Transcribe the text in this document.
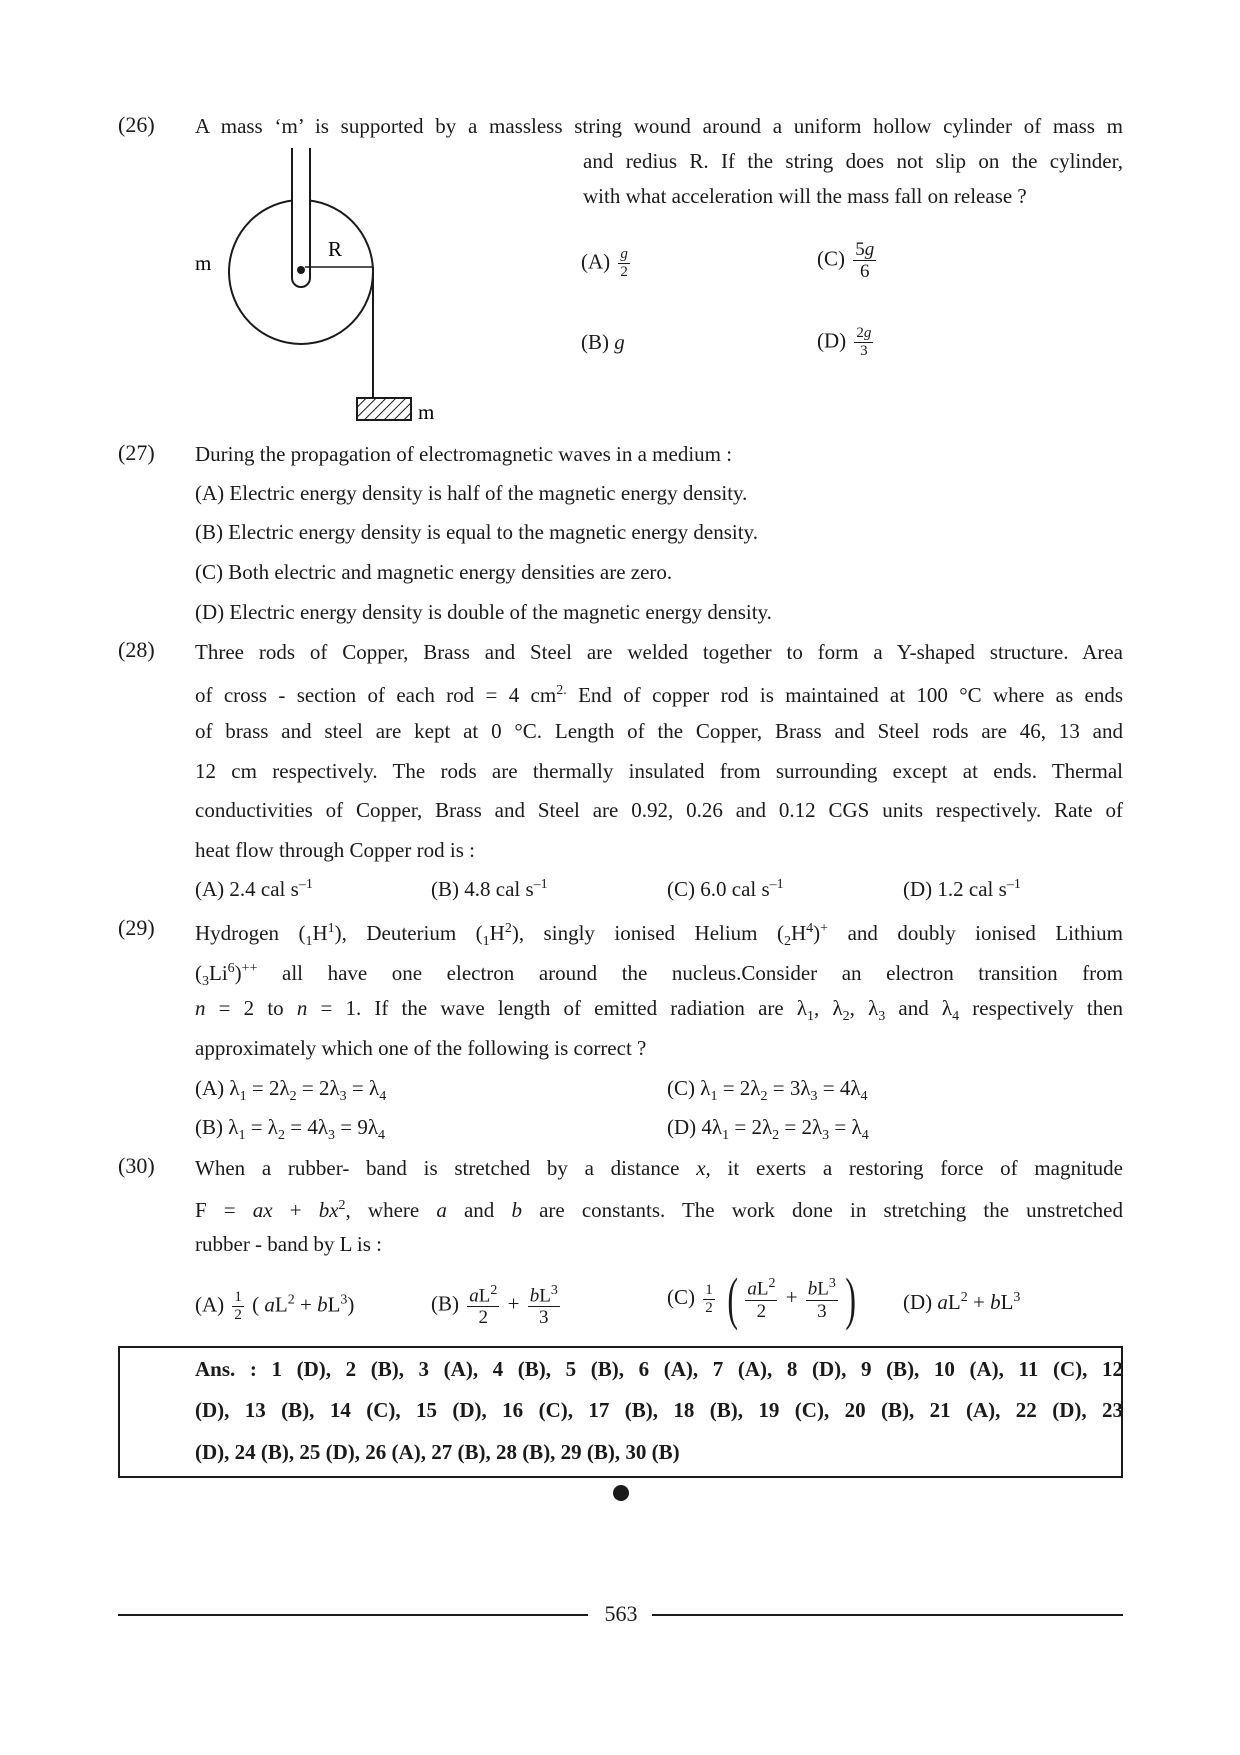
(26) A mass ‘m’ is supported by a massless string wound around a uniform hollow cylinder of mass m
and redius R. If the string does not slip on the cylinder,
with what acceleration will the mass fall on release ?
m
R
m
$(A) \frac{g}{2}$	$(C) \frac{5g}{6}$
(B) g	$(D) \frac{2g}{3}$
(27) During the propagation of electromagnetic waves in a medium :
(A) Electric energy density is half of the magnetic energy density.
(B) Electric energy density is equal to the magnetic energy density.
(C) Both electric and magnetic energy densities are zero.
(D) Electric energy density is double of the magnetic energy density.
(28) Three rods of Copper, Brass and Steel are welded together to form a Y-shaped structure. Area
of cross - section of each rod = 4 $cm^{2.}$ End of copper rod is maintained at 100 °C where as ends
of brass and steel are kept at 0 °C. Length of the Copper, Brass and Steel rods are 46, 13 and
12 cm respectively. The rods are thermally insulated from surrounding except at ends. Thermal
conductivities of Copper, Brass and Steel are 0.92, 0.26 and 0.12 CGS units respectively. Rate of
heat flow through Copper rod is :
(A) 2.4 cal $s^{-1}$	(B) 4.8 cal $s^{-1}$	(C) 6.0 cal $s^{-1}$	(D) 1.2 cal $s^{-1}$
(29) Hydrogen $(_1H^1)$, Deuterium $(_1H^2)$, singly ionised Helium $(_2H^4)^+$ and doubly ionised Lithium
$(_3Li^6)^{++}$ all have one electron around the nucleus.Consider an electron transition from
n = 2 to n = 1. If the wave length of emitted radiation are $\lambda_1$, $\lambda_2$, $\lambda_3$ and $\lambda_4$ respectively then
approximately which one of the following is correct ?
(A) $\lambda_1 = 2\lambda_2 = 2\lambda_3 = \lambda_4$	(C) $\lambda_1 = 2\lambda_2 = 3\lambda_3 = 4\lambda_4$
(B) $\lambda_1 = \lambda_2 = 4\lambda_3 = 9\lambda_4$	(D) $4\lambda_1 = 2\lambda_2 = 2\lambda_3 = \lambda_4$
(30) When a rubber- band is stretched by a distance x, it exerts a restoring force of magnitude
F = ax + $bx^2$, where a and b are constants. The work done in stretching the unstretched
rubber - band by L is :
$(A) \frac{1}{2}$ ( $aL^2 + bL^3$)	$(B) \frac{aL^2}{2} + \frac{bL^3}{3}$	$(C) \frac{1}{2}$ ( $\frac{aL^2}{2} + \frac{bL^3}{3}$ ) (D) $aL^2 + bL^3$
Ans. : 1 (D), 2 (B), 3 (A), 4 (B), 5 (B), 6 (A), 7 (A), 8 (D), 9 (B), 10 (A), 11 (C), 12
(D), 13 (B), 14 (C), 15 (D), 16 (C), 17 (B), 18 (B), 19 (C), 20 (B), 21 (A), 22 (D), 23
(D), 24 (B), 25 (D), 26 (A), 27 (B), 28 (B), 29 (B), 30 (B)
563
